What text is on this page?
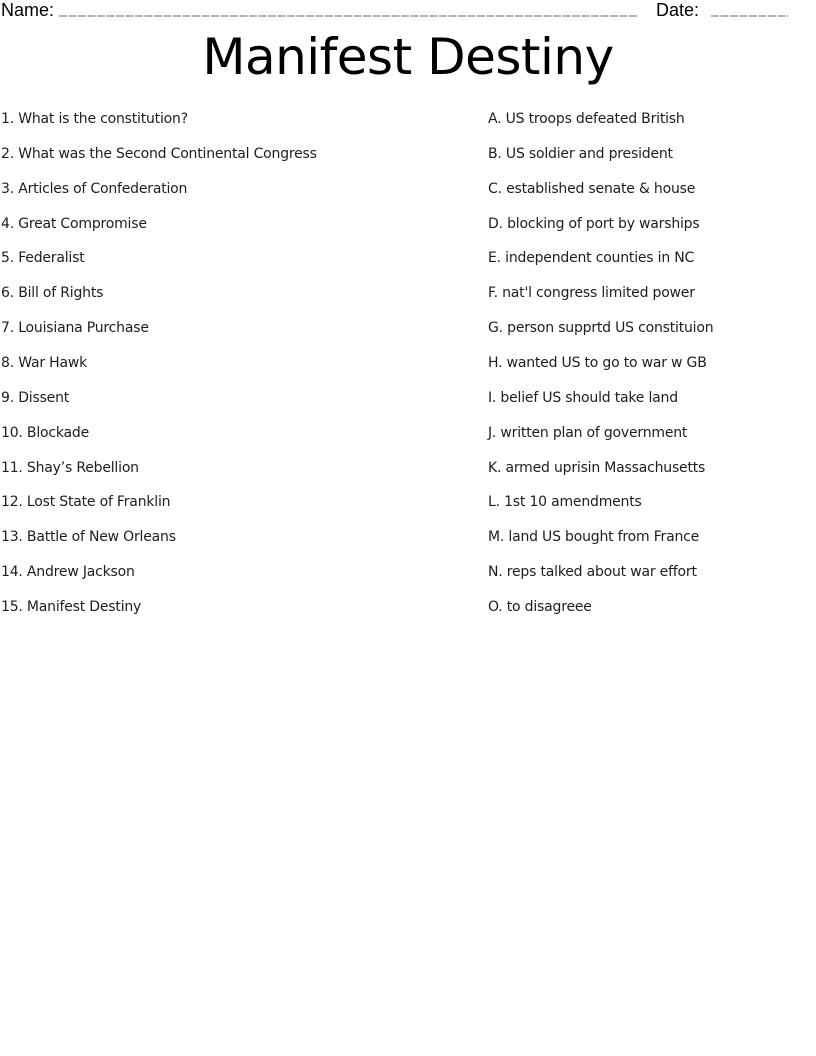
Name:	Date:
Manifest Destiny
1. What is the constitution?
2. What was the Second Continental Congress
3. Articles of Confederation
4. Great Compromise
5. Federalist
6. Bill of Rights
7. Louisiana Purchase
8. War Hawk
9. Dissent
10. Blockade
11. Shay’s Rebellion
12. Lost State of Franklin
13. Battle of New Orleans
14. Andrew Jackson
15. Manifest Destiny
A. US troops defeated British
B. US soldier and president
C. established senate & house
D. blocking of port by warships
E. independent counties in NC
F. nat'l congress limited power
G. person supprtd US constituion
H. wanted US to go to war w GB
I. belief US should take land
J. written plan of government
K. armed uprisin Massachusetts
L. 1st 10 amendments
M. land US bought from France
N. reps talked about war effort
O. to disagreee
